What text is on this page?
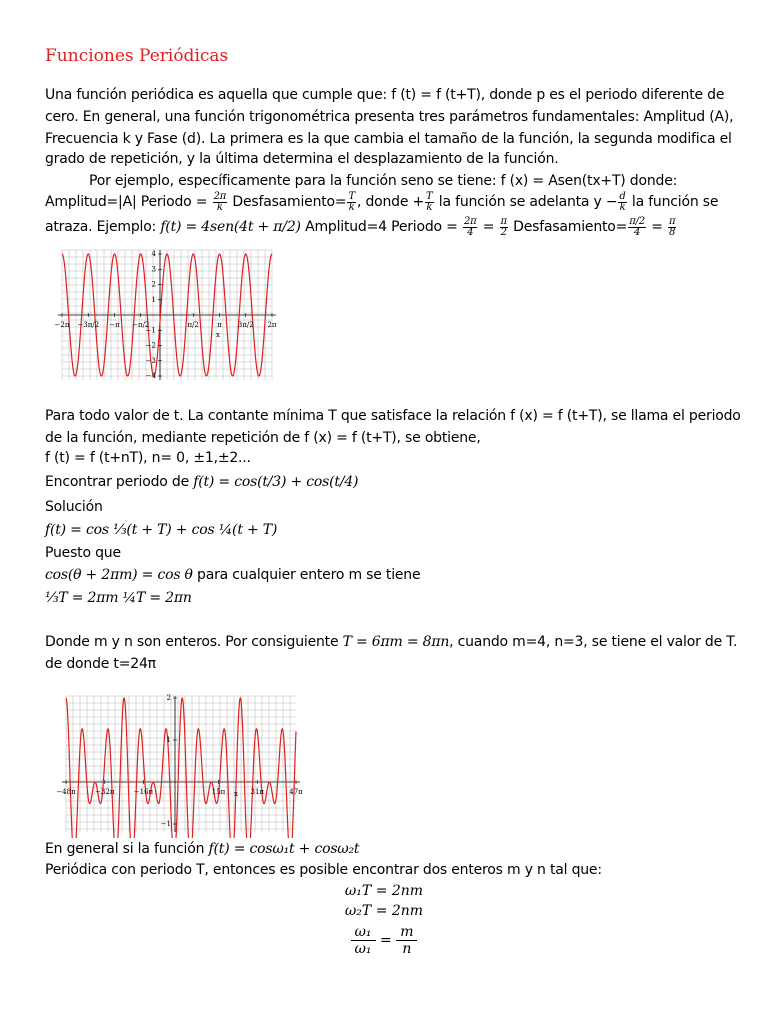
Funciones Periódicas
Una función periódica es aquella que cumple que: f (t) = f (t+T), donde p es el periodo diferente de
cero. En general, una función trigonométrica presenta tres parámetros fundamentales: Amplitud (A),
Frecuencia k y Fase (d). La primera es la que cambia el tamaño de la función, la segunda modifica el
grado de repetición, y la última determina el desplazamiento de la función.
Por ejemplo, específicamente para la función seno se tiene: f (x) = Asen(tx+T) donde:
Amplitud=|A| Periodo = $\frac{2\pi}{k}$ Desfasamiento= $\frac{T}{k}$ , donde + $\frac{T}{k}$ la función se adelanta $y - \frac{d}{k}$ la función se
atraza. Ejemplo: f(t) = 4sen(4t + π/2) Amplitud=4 Periodo = $\frac{2\pi}{4} = \frac{\pi}{2}$ Desfasamiento= $\frac{\pi/2}{4} = \frac{\pi}{8}$
−2π −3π/2 −π −π/2	π/2	π 3π/2 2π
4
3
2
1
−1
−2
−3
−4
x
Para todo valor de t. La contante mínima T que satisface la relación f (x) = f (t+T), se llama el periodo
de la función, mediante repetición de f (x) = f (t+T), se obtiene,
f (t) = f (t+nT), n= 0, ±1,±2...
Encontrar periodo de f(t) = cos(t/3) + cos(t/4)
Solución
f(t) = cos ⅓(t + T) + cos ¼(t + T)
Puesto que
cos(θ + 2πm) = cos θ para cualquier entero m se tiene
⅓T = 2πm ¼T = 2πn
Donde m y n son enteros. Por consiguiente T = 6πm = 8πn, cuando m=4, n=3, se tiene el valor de T.
de donde t=24π
−48π	−32π	−16π	15π	31π	47π
2
1
−1
x
En general si la función f(t) = cosω₁t + cosω₂t
Periódica con periodo T, entonces es posible encontrar dos enteros m y n tal que:
ω₁T = 2nm
ω₂T = 2nm
$\frac{\text{ω₁}}{\text{ω₁}} = \frac{m}{n}$
